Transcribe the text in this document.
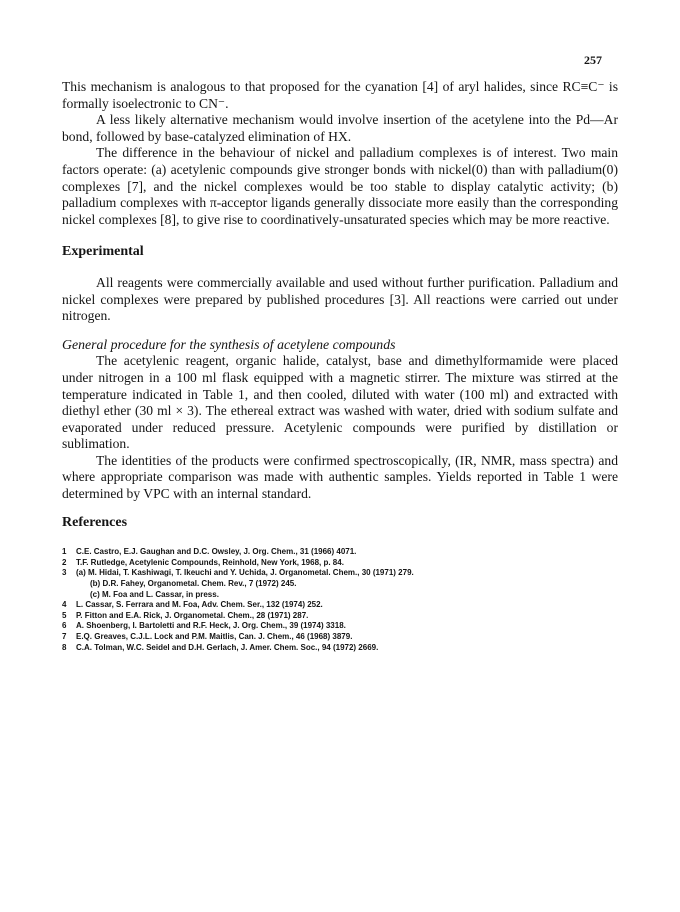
257

This mechanism is analogous to that proposed for the cyanation [4] of aryl halides, since RC≡C⁻ is formally isoelectronic to CN⁻.

A less likely alternative mechanism would involve insertion of the acetylene into the Pd—Ar bond, followed by base-catalyzed elimination of HX.

The difference in the behaviour of nickel and palladium complexes is of interest. Two main factors operate: (a) acetylenic compounds give stronger bonds with nickel(0) than with palladium(0) complexes [7], and the nickel complexes would be too stable to display catalytic activity; (b) palladium complexes with π-acceptor ligands generally dissociate more easily than the corresponding nickel complexes [8], to give rise to coordinatively-unsaturated species which may be more reactive.

Experimental

All reagents were commercially available and used without further purification. Palladium and nickel complexes were prepared by published procedures [3]. All reactions were carried out under nitrogen.

General procedure for the synthesis of acetylene compounds

The acetylenic reagent, organic halide, catalyst, base and dimethylformamide were placed under nitrogen in a 100 ml flask equipped with a magnetic stirrer. The mixture was stirred at the temperature indicated in Table 1, and then cooled, diluted with water (100 ml) and extracted with diethyl ether (30 ml × 3). The ethereal extract was washed with water, dried with sodium sulfate and evaporated under reduced pressure. Acetylenic compounds were purified by distillation or sublimation.

The identities of the products were confirmed spectroscopically, (IR, NMR, mass spectra) and where appropriate comparison was made with authentic samples. Yields reported in Table 1 were determined by VPC with an internal standard.

References
1 C.E. Castro, E.J. Gaughan and D.C. Owsley, J. Org. Chem., 31 (1966) 4071.
2 T.F. Rutledge, Acetylenic Compounds, Reinhold, New York, 1968, p. 84.
3 (a) M. Hidai, T. Kashiwagi, T. Ikeuchi and Y. Uchida, J. Organometal. Chem., 30 (1971) 279.
(b) D.R. Fahey, Organometal. Chem. Rev., 7 (1972) 245.
(c) M. Foa and L. Cassar, in press.
4 L. Cassar, S. Ferrara and M. Foa, Adv. Chem. Ser., 132 (1974) 252.
5 P. Fitton and E.A. Rick, J. Organometal. Chem., 28 (1971) 287.
6 A. Shoenberg, I. Bartoletti and R.F. Heck, J. Org. Chem., 39 (1974) 3318.
7 E.Q. Greaves, C.J.L. Lock and P.M. Maitlis, Can. J. Chem., 46 (1968) 3879.
8 C.A. Tolman, W.C. Seidel and D.H. Gerlach, J. Amer. Chem. Soc., 94 (1972) 2669.
